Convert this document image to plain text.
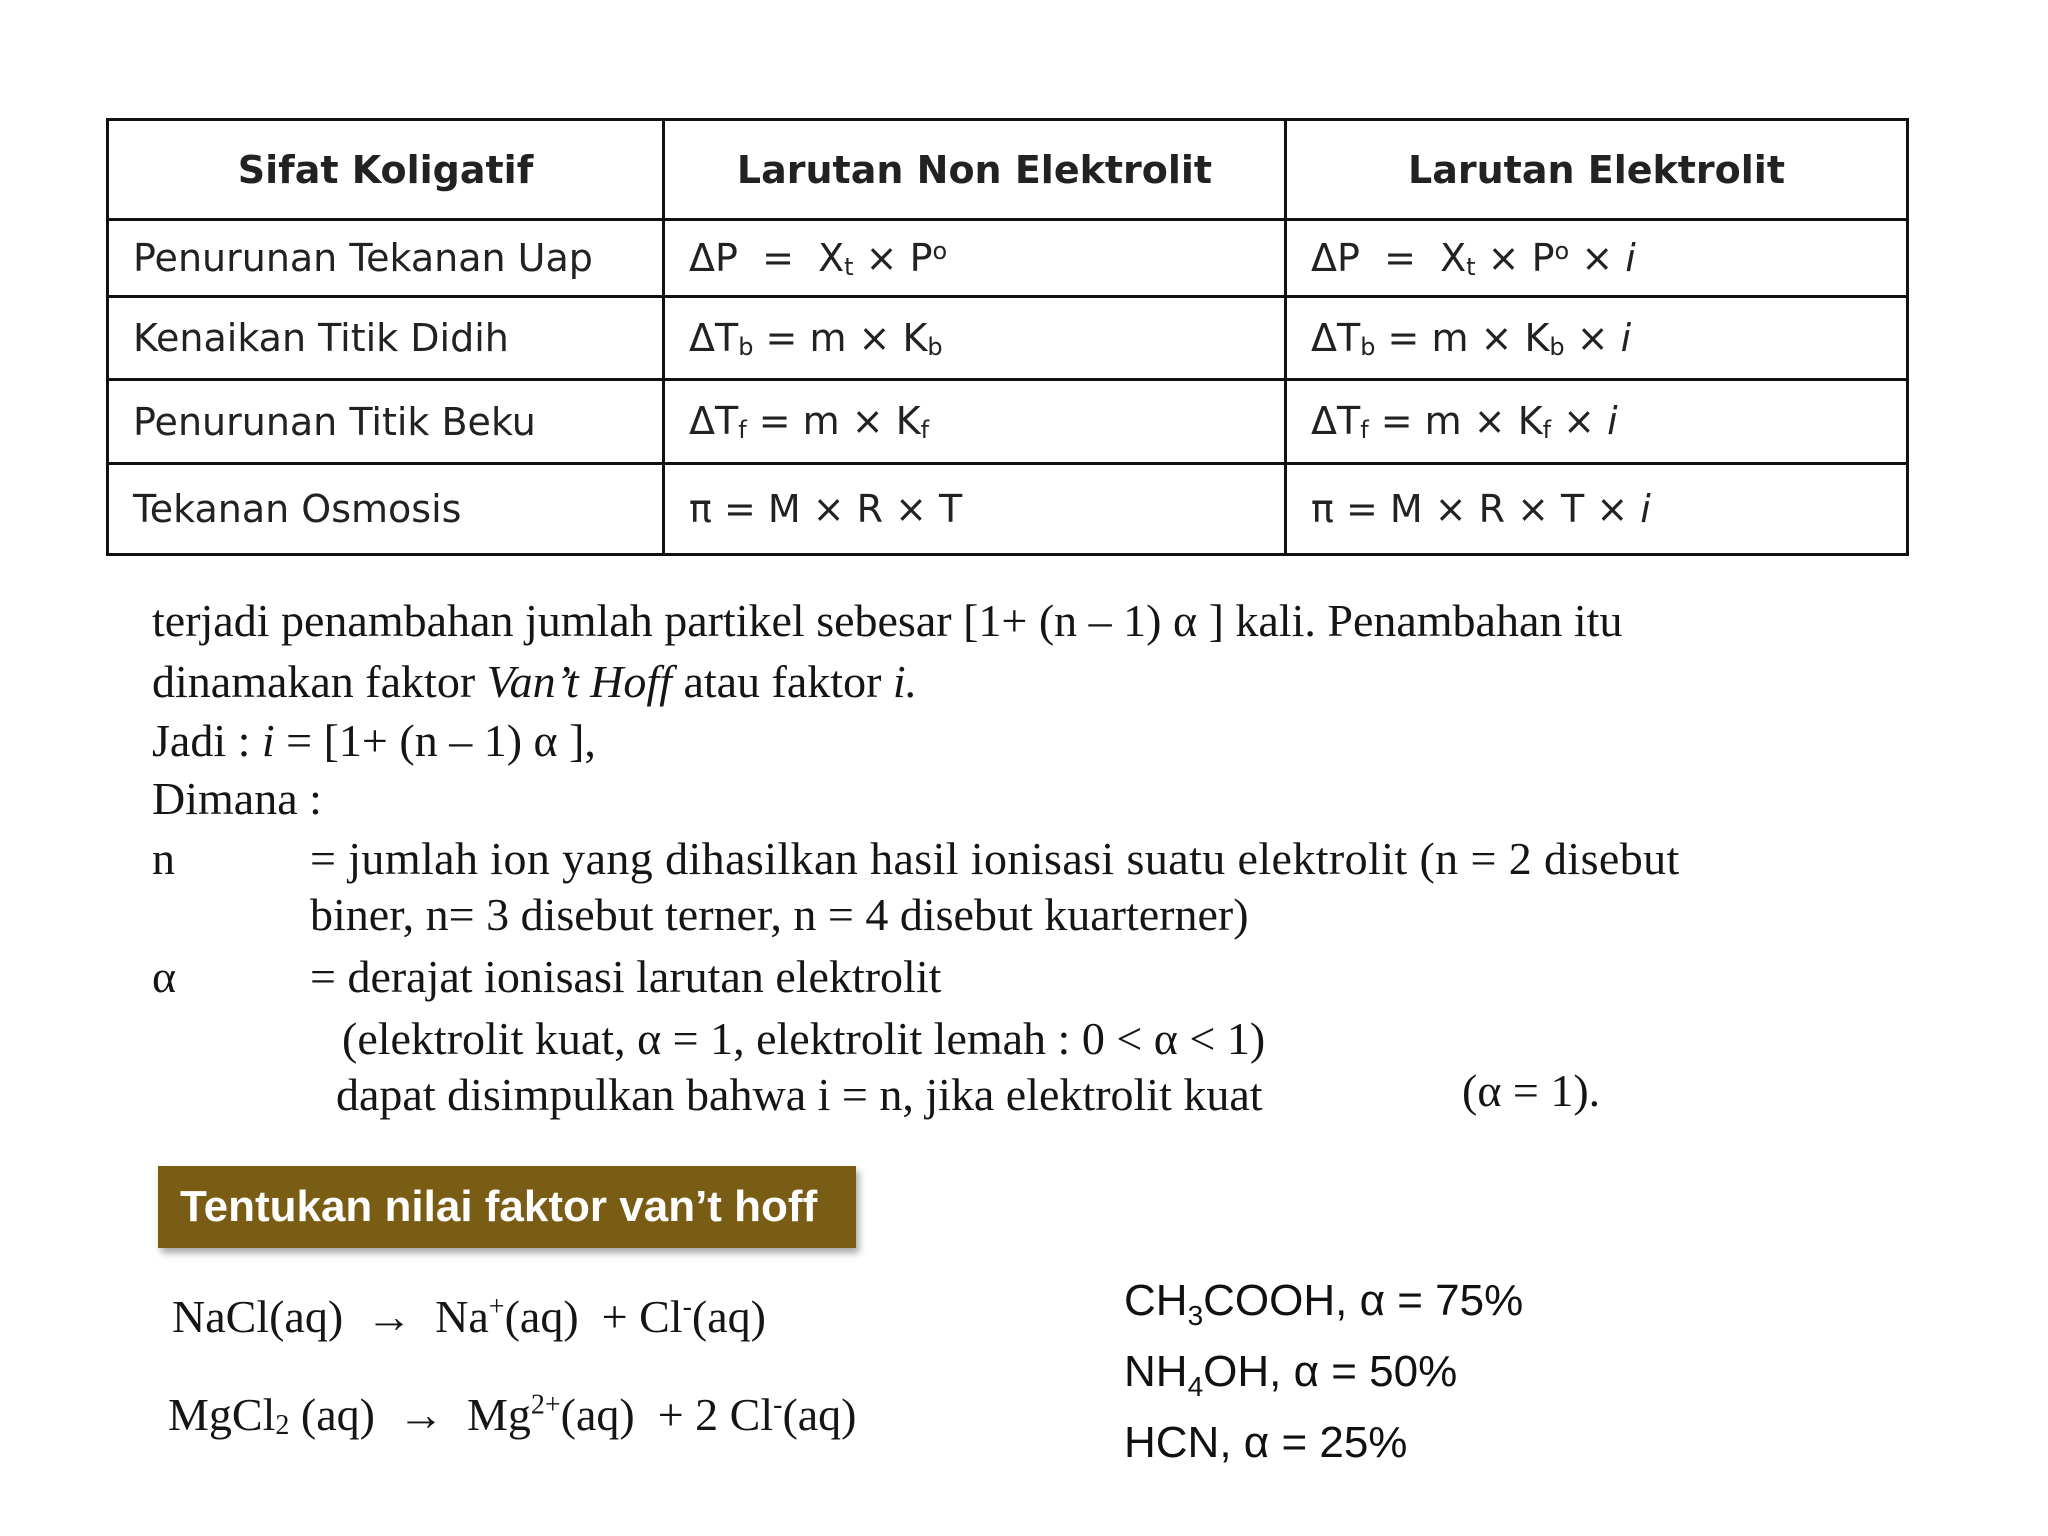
Sifat Koligatif	Larutan Non Elektrolit	Larutan Elektrolit
Penurunan Tekanan Uap	$\Delta P = Xt \times P^o$	$\Delta P = Xt \times P^o \times i$
Kenaikan Titik Didih	ΔTb = m × Kb	ΔTb = m × Kb × i
Penurunan Titik Beku	ΔTf = m × Kf	ΔTf = m × Kf × i
Tekanan Osmosis	π = M × R × T	π = M × R × T × i
terjadi penambahan jumlah partikel sebesar [1+ (n – 1) α ] kali. Penambahan itu
dinamakan faktor Van’t Hoff atau faktor i.
Jadi : i = [1+ (n – 1) α ],
Dimana :
n	= jumlah ion yang dihasilkan hasil ionisasi suatu elektrolit (n = 2 disebut
biner, n= 3 disebut terner, n = 4 disebut kuarterner)
α	= derajat ionisasi larutan elektrolit
(elektrolit kuat, α = 1, elektrolit lemah : 0 < α < 1)
dapat disimpulkan bahwa i = n, jika elektrolit kuat	(α = 1).
Tentukan nilai faktor van’t hoff
NaCl(aq) → Na+(aq) + Cl-(aq)
MgCl2 $(aq) \to Mg^{2+}(aq) + 2$ Cl-(aq)
$CH_3COOH$, α = 75%
$NH_4OH$, α = 50%
HCN, α = 25%
